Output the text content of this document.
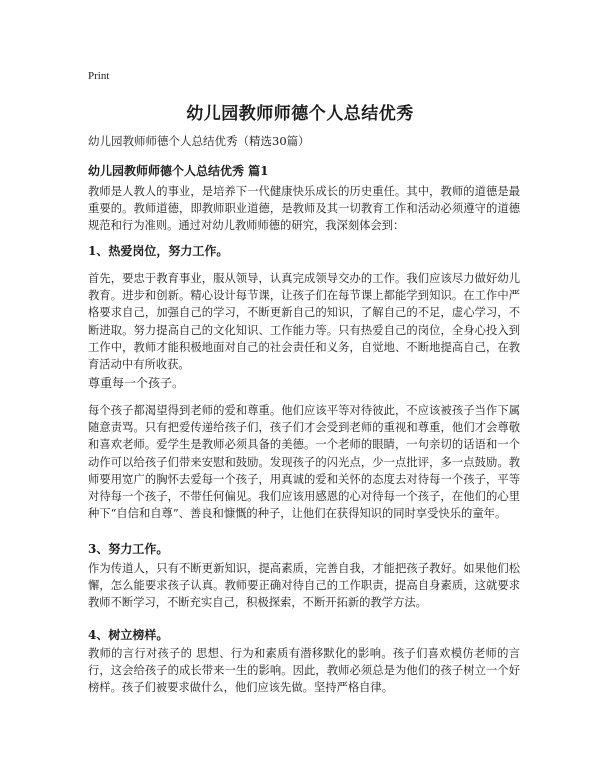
Print
幼儿园教师师德个人总结优秀
幼儿园教师师德个人总结优秀（精选30篇）
幼儿园教师师德个人总结优秀 篇1

教师是人教人的事业，是培养下一代健康快乐成长的历史重任。其中，教师的道德是最重要的。教师道德，即教师职业道德，是教师及其一切教育工作和活动必须遵守的道德规范和行为准则。通过对幼儿教师师德的研究，我深刻体会到：

1、热爱岗位，努力工作。

首先，要忠于教育事业，服从领导，认真完成领导交办的工作。我们应该尽力做好幼儿教育。进步和创新。精心设计每节课，让孩子们在每节课上都能学到知识。在工作中严格要求自己，加强自己的学习，不断更新自己的知识，了解自己的不足，虚心学习，不断进取。努力提高自己的文化知识、工作能力等。只有热爱自己的岗位，全身心投入到工作中，教师才能积极地面对自己的社会责任和义务，自觉地、不断地提高自己，在教育活动中有所收获。

尊重每一个孩子。

每个孩子都渴望得到老师的爱和尊重。他们应该平等对待彼此，不应该被孩子当作下属随意责骂。只有把爱传递给孩子们，孩子们才会受到老师的重视和尊重，他们才会尊敬和喜欢老师。爱学生是教师必须具备的美德。一个老师的眼睛，一句亲切的话语和一个动作可以给孩子们带来安慰和鼓励。发现孩子的闪光点，少一点批评，多一点鼓励。教师要用宽广的胸怀去爱每一个孩子，用真诚的爱和关怀的态度去对待每一个孩子，平等对待每一个孩子，不带任何偏见。我们应该用感恩的心对待每一个孩子，在他们的心里种下“自信和自尊”、善良和慷慨的种子，让他们在获得知识的同时享受快乐的童年。

3、努力工作。

作为传道人，只有不断更新知识，提高素质，完善自我，才能把孩子教好。如果他们松懈，怎么能要求孩子认真。教师要正确对待自己的工作职责，提高自身素质，这就要求教师不断学习，不断充实自己，积极探索，不断开拓新的教学方法。

4、树立榜样。

教师的言行对孩子的 思想、行为和素质有潜移默化的影响。孩子们喜欢模仿老师的言行，这会给孩子的成长带来一生的影响。因此，教师必须总是为他们的孩子树立一个好榜样。孩子们被要求做什么，他们应该先做。坚持严格自律。
